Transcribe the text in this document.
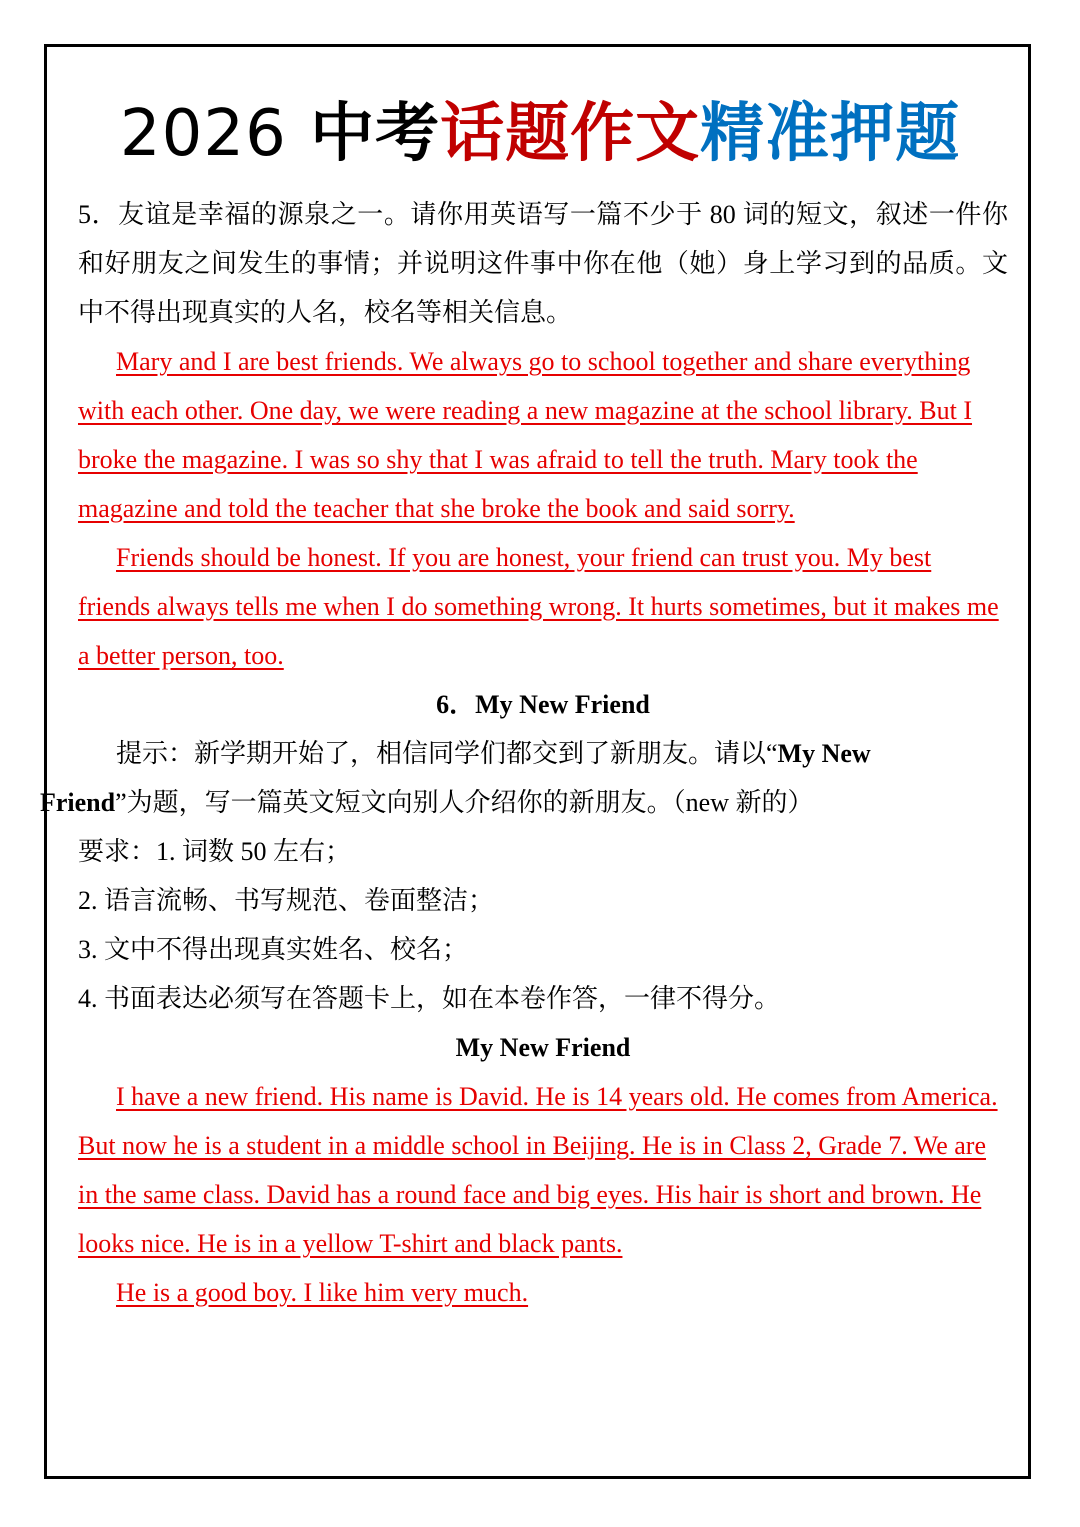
2026 中考话题作文精准押题

5．友谊是幸福的源泉之一。请你用英语写一篇不少于 80 词的短文，叙述一件你和好朋友之间发生的事情；并说明这件事中你在他（她）身上学习到的品质。文中不得出现真实的人名，校名等相关信息。

Mary and I are best friends. We always go to school together and share everything with each other. One day, we were reading a new magazine at the school library. But I broke the magazine. I was so shy that I was afraid to tell the truth. Mary took the magazine and told the teacher that she broke the book and said sorry.

Friends should be honest. If you are honest, your friend can trust you. My best friends always tells me when I do something wrong. It hurts sometimes, but it makes me a better person, too.

6．My New Friend

提示：新学期开始了，相信同学们都交到了新朋友。请以“My New
Friend”为题，写一篇英文短文向别人介绍你的新朋友。（new 新的）

要求：1. 词数 50 左右；

2. 语言流畅、书写规范、卷面整洁；

3. 文中不得出现真实姓名、校名；

4. 书面表达必须写在答题卡上，如在本卷作答，一律不得分。

My New Friend

I have a new friend. His name is David. He is 14 years old. He comes from America. But now he is a student in a middle school in Beijing. He is in Class 2, Grade 7. We are in the same class. David has a round face and big eyes. His hair is short and brown. He looks nice. He is in a yellow T-shirt and black pants.

He is a good boy. I like him very much.
